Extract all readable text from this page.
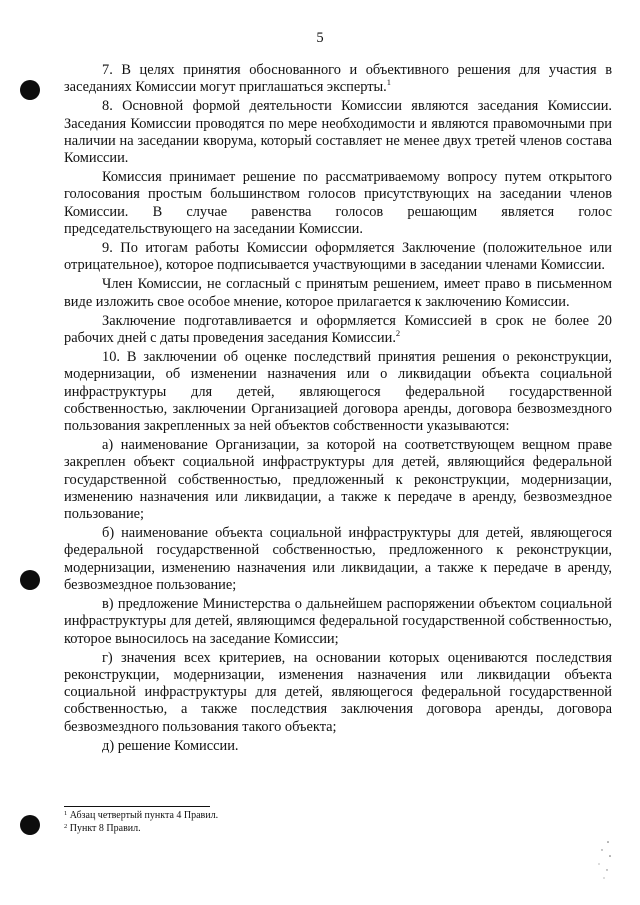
5

7. В целях принятия обоснованного и объективного решения для участия в заседаниях Комиссии могут приглашаться эксперты.$^1$

8. Основной формой деятельности Комиссии являются заседания Комиссии. Заседания Комиссии проводятся по мере необходимости и являются правомочными при наличии на заседании кворума, который составляет не менее двух третей членов состава Комиссии.

Комиссия принимает решение по рассматриваемому вопросу путем открытого голосования простым большинством голосов присутствующих на заседании членов Комиссии. В случае равенства голосов решающим является голос председательствующего на заседании Комиссии.

9. По итогам работы Комиссии оформляется Заключение (положительное или отрицательное), которое подписывается участвующими в заседании членами Комиссии.

Член Комиссии, не согласный с принятым решением, имеет право в письменном виде изложить свое особое мнение, которое прилагается к заключению Комиссии.

Заключение подготавливается и оформляется Комиссией в срок не более 20 рабочих дней с даты проведения заседания Комиссии.$^2$

10. В заключении об оценке последствий принятия решения о реконструкции, модернизации, об изменении назначения или о ликвидации объекта социальной инфраструктуры для детей, являющегося федеральной государственной собственностью, заключении Организацией договора аренды, договора безвозмездного пользования закрепленных за ней объектов собственности указываются:

а) наименование Организации, за которой на соответствующем вещном праве закреплен объект социальной инфраструктуры для детей, являющийся федеральной государственной собственностью, предложенный к реконструкции, модернизации, изменению назначения или ликвидации, а также к передаче в аренду, безвозмездное пользование;

б) наименование объекта социальной инфраструктуры для детей, являющегося федеральной государственной собственностью, предложенного к реконструкции, модернизации, изменению назначения или ликвидации, а также к передаче в аренду, безвозмездное пользование;

в) предложение Министерства о дальнейшем распоряжении объектом социальной инфраструктуры для детей, являющимся федеральной государственной собственностью, которое выносилось на заседание Комиссии;

г) значения всех критериев, на основании которых оцениваются последствия реконструкции, модернизации, изменения назначения или ликвидации объекта социальной инфраструктуры для детей, являющегося федеральной государственной собственностью, а также последствия заключения договора аренды, договора безвозмездного пользования такого объекта;

д) решение Комиссии.

$^1$ Абзац четвертый пункта 4 Правил.
$^2$ Пункт 8 Правил.
